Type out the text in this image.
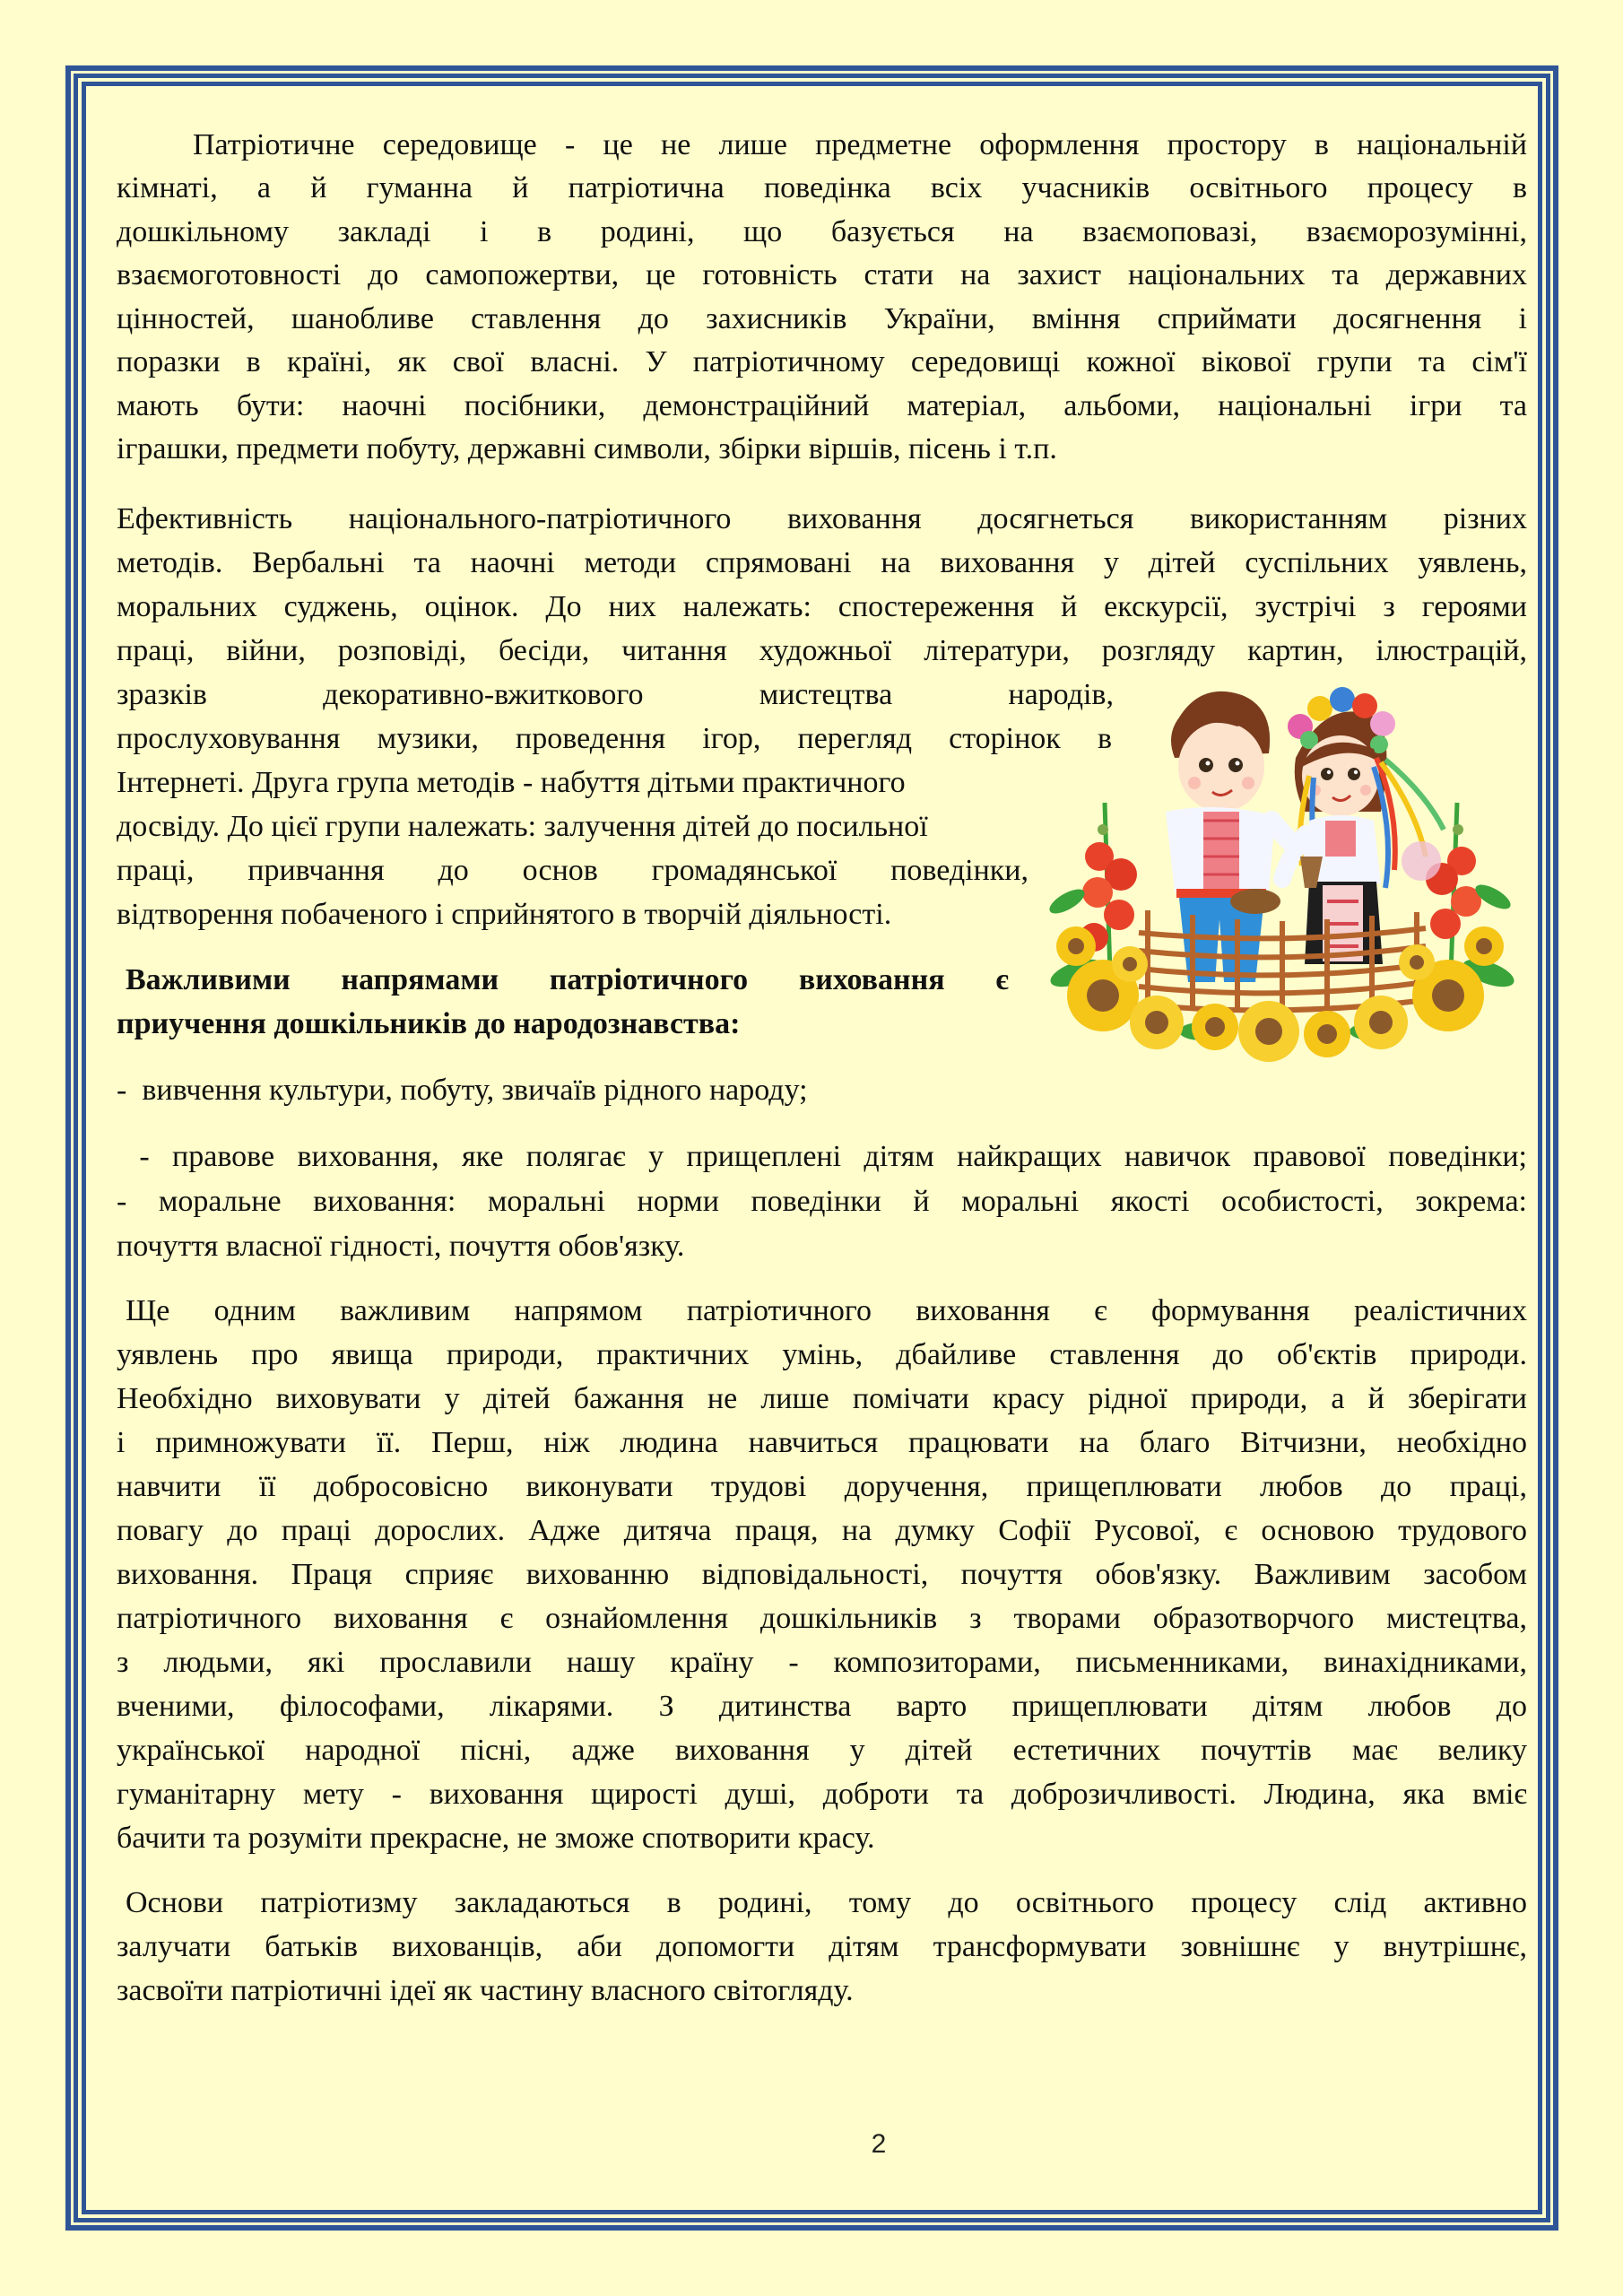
Патріотичне середовище - це не лише предметне оформлення простору в національній
кімнаті, а й гуманна й патріотична поведінка всіх учасників освітнього процесу в
дошкільному закладі і в родині, що базується на взаємоповазі, взаєморозумінні,
взаємоготовності до самопожертви, це готовність стати на захист національних та державних
цінностей, шанобливе ставлення до захисників України, вміння сприймати досягнення і
поразки в країні, як свої власні. У патріотичному середовищі кожної вікової групи та сім'ї
мають бути: наочні посібники, демонстраційний матеріал, альбоми, національні ігри та
іграшки, предмети побуту, державні символи, збірки віршів, пісень і т.п.
Ефективність національного-патріотичного виховання досягнеться використанням різних
методів. Вербальні та наочні методи спрямовані на виховання у дітей суспільних уявлень,
моральних суджень, оцінок. До них належать: спостереження й екскурсії, зустрічі з героями
праці, війни, розповіді, бесіди, читання художньої літератури, розгляду картин, ілюстрацій,
зразків декоративно-вжиткового мистецтва народів,
прослуховування музики, проведення ігор, перегляд сторінок в
Інтернеті. Друга група методів - набуття дітьми практичного
досвіду. До цієї групи належать: залучення дітей до посильної
праці, привчання до основ громадянської поведінки,
відтворення побаченого і сприйнятого в творчій діяльності.
Важливими напрямами патріотичного виховання є
приучення дошкільників до народознавства:
-  вивчення культури, побуту, звичаїв рідного народу;
- правове виховання, яке полягає у прищеплені дітям найкращих навичок правової поведінки;
- моральне виховання: моральні норми поведінки й моральні якості особистості, зокрема:
почуття власної гідності, почуття обов'язку.
Ще одним важливим напрямом патріотичного виховання є формування реалістичних
уявлень про явища природи, практичних умінь, дбайливе ставлення до об'єктів природи.
Необхідно виховувати у дітей бажання не лише помічати красу рідної природи, а й зберігати
і примножувати її. Перш, ніж людина навчиться працювати на благо Вітчизни, необхідно
навчити її добросовісно виконувати трудові доручення, прищеплювати любов до праці,
повагу до праці дорослих. Адже дитяча праця, на думку Софії Русової, є основою трудового
виховання. Праця сприяє вихованню відповідальності, почуття обов'язку. Важливим засобом
патріотичного виховання є ознайомлення дошкільників з творами образотворчого мистецтва,
з людьми, які прославили нашу країну - композиторами, письменниками, винахідниками,
вченими, філософами, лікарями. З дитинства варто прищеплювати дітям любов до
української народної пісні, адже виховання у дітей естетичних почуттів має велику
гуманітарну мету - виховання щирості душі, доброти та доброзичливості. Людина, яка вміє
бачити та розуміти прекрасне, не зможе спотворити красу.
Основи патріотизму закладаються в родині, тому до освітнього процесу слід активно
залучати батьків вихованців, аби допомогти дітям трансформувати зовнішнє у внутрішнє,
засвоїти патріотичні ідеї як частину власного світогляду.
2
